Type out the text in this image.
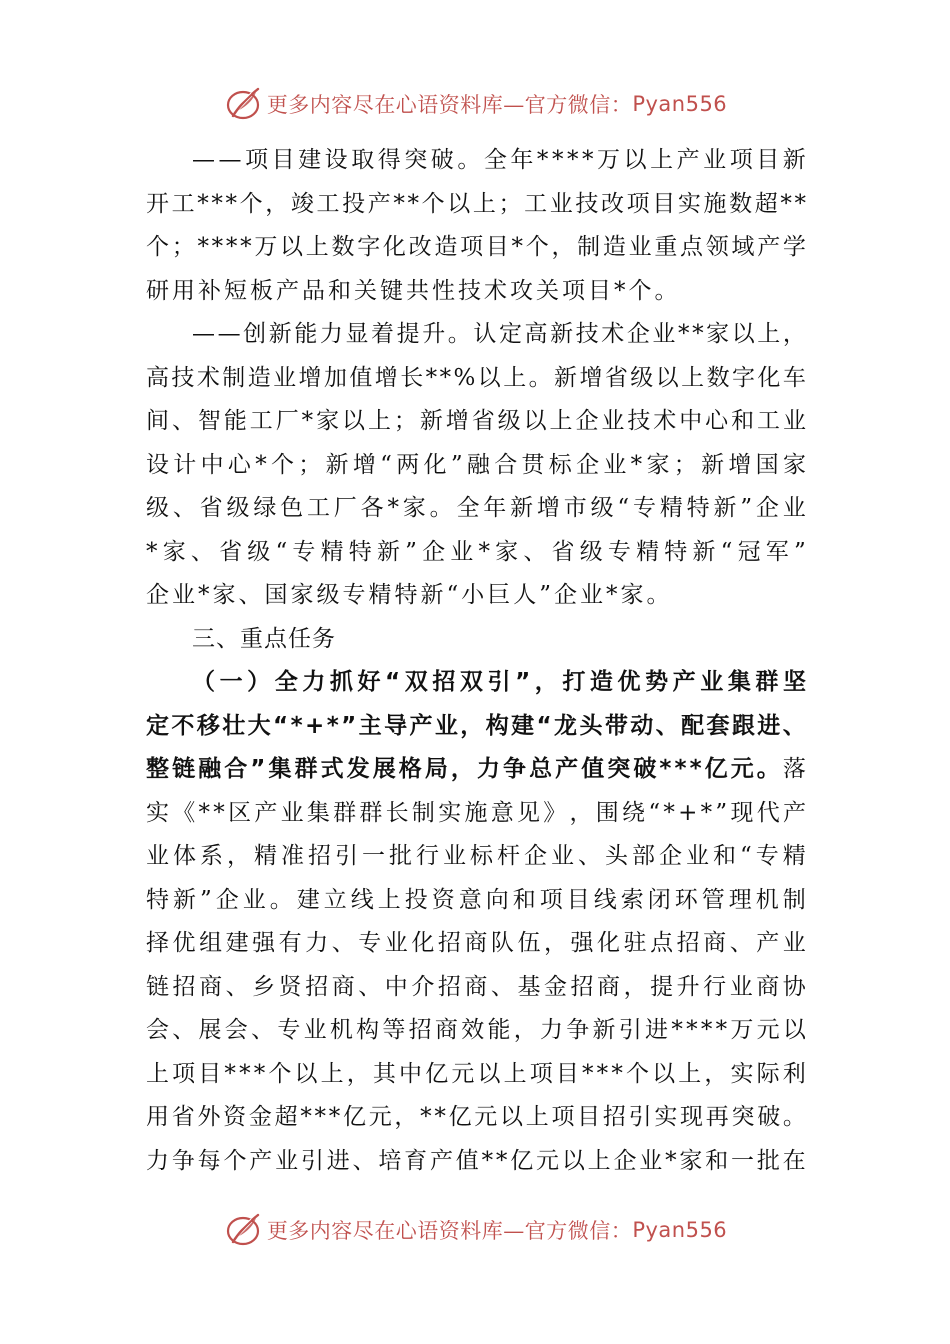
更多内容尽在心语资料库—官方微信： Pyan556
— — 项 目 建 设 取 得 突 破 。 全 年 * * * * 万 以 上 产 业 项 目 新
开 工 * * * 个 ， 竣 工 投 产 * * 个 以 上 ； 工 业 技 改 项 目 实 施 数 超 * *
个 ； * * * * 万 以 上 数 字 化 改 造 项 目 * 个 ， 制 造 业 重 点 领 域 产 学
研用补短板产品和关键共性技术攻关项目*个。
— — 创 新 能 力 显 着 提 升 。 认 定 高 新 技 术 企 业 * * 家 以 上 ，
高 技 术 制 造 业 增 加 值 增 长 * * % 以 上 。 新 增 省 级 以 上 数 字 化 车
间 、 智 能 工 厂 * 家 以 上 ； 新 增 省 级 以 上 企 业 技 术 中 心 和 工 业
设 计 中 心 * 个 ； 新 增 “ 两 化 ” 融 合 贯 标 企 业 * 家 ； 新 增 国 家
级 、 省 级 绿 色 工 厂 各 * 家 。 全 年 新 增 市 级 “ 专 精 特 新 ” 企 业
* 家 、 省 级 “ 专 精 特 新 ” 企 业 * 家 、 省 级 专 精 特 新 “ 冠 军 ”
企业*家、国家级专精特新“小巨人”企业*家。
三、重点任务
（ 一 ） 全 力 抓 好 “ 双 招 双 引 ” ， 打 造 优 势 产 业 集 群 坚
定 不 移 壮 大 “ * + * ” 主 导 产 业 ， 构 建 “ 龙 头 带 动 、 配 套 跟 进 、
整 链 融 合 ” 集 群 式 发 展 格 局 ， 力 争 总 产 值 突 破 * * * 亿 元 。 落
实 《 * * 区 产 业 集 群 群 长 制 实 施 意 见 》 ， 围 绕 “ * + * ” 现 代 产
业 体 系 ， 精 准 招 引 一 批 行 业 标 杆 企 业 、 头 部 企 业 和 “ 专 精
特 新 ” 企 业 。 建 立 线 上 投 资 意 向 和 项 目 线 索 闭 环 管 理 机 制
择 优 组 建 强 有 力 、 专 业 化 招 商 队 伍 ， 强 化 驻 点 招 商 、 产 业
链 招 商 、 乡 贤 招 商 、 中 介 招 商 、 基 金 招 商 ， 提 升 行 业 商 协
会 、 展 会 、 专 业 机 构 等 招 商 效 能 ， 力 争 新 引 进 * * * * 万 元 以
上 项 目 * * * 个 以 上 ， 其 中 亿 元 以 上 项 目 * * * 个 以 上 ， 实 际 利
用 省 外 资 金 超 * * * 亿 元 ， * * 亿 元 以 上 项 目 招 引 实 现 再 突 破 。
力 争 每 个 产 业 引 进 、 培 育 产 值 * * 亿 元 以 上 企 业 * 家 和 一 批 在
更多内容尽在心语资料库—官方微信： Pyan556
